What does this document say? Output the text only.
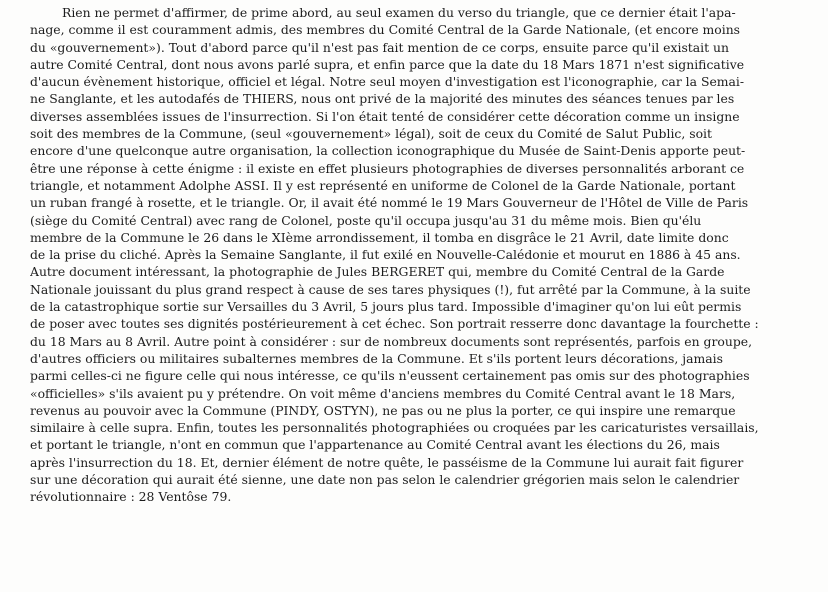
Rien ne permet d'affirmer, de prime abord, au seul examen du verso du triangle, que ce dernier était l'apa-
nage, comme il est couramment admis, des membres du Comité Central de la Garde Nationale, (et encore moins
du «gouvernement»). Tout d'abord parce qu'il n'est pas fait mention de ce corps, ensuite parce qu'il existait un
autre Comité Central, dont nous avons parlé supra, et enfin parce que la date du 18 Mars 1871 n'est significative
d'aucun évènement historique, officiel et légal. Notre seul moyen d'investigation est l'iconographie, car la Semai-
ne Sanglante, et les autodafés de THIERS, nous ont privé de la majorité des minutes des séances tenues par les
diverses assemblées issues de l'insurrection. Si l'on était tenté de considérer cette décoration comme un insigne
soit des membres de la Commune, (seul «gouvernement» légal), soit de ceux du Comité de Salut Public, soit
encore d'une quelconque autre organisation, la collection iconographique du Musée de Saint-Denis apporte peut-
être une réponse à cette énigme : il existe en effet plusieurs photographies de diverses personnalités arborant ce
triangle, et notamment Adolphe ASSI. Il y est représenté en uniforme de Colonel de la Garde Nationale, portant
un ruban frangé à rosette, et le triangle. Or, il avait été nommé le 19 Mars Gouverneur de l'Hôtel de Ville de Paris
(siège du Comité Central) avec rang de Colonel, poste qu'il occupa jusqu'au 31 du même mois. Bien qu'élu
membre de la Commune le 26 dans le XIème arrondissement, il tomba en disgrâce le 21 Avril, date limite donc
de la prise du cliché. Après la Semaine Sanglante, il fut exilé en Nouvelle-Calédonie et mourut en 1886 à 45 ans.
Autre document intéressant, la photographie de Jules BERGERET qui, membre du Comité Central de la Garde
Nationale jouissant du plus grand respect à cause de ses tares physiques (!), fut arrêté par la Commune, à la suite
de la catastrophique sortie sur Versailles du 3 Avril, 5 jours plus tard. Impossible d'imaginer qu'on lui eût permis
de poser avec toutes ses dignités postérieurement à cet échec. Son portrait resserre donc davantage la fourchette :
du 18 Mars au 8 Avril. Autre point à considérer : sur de nombreux documents sont représentés, parfois en groupe,
d'autres officiers ou militaires subalternes membres de la Commune. Et s'ils portent leurs décorations, jamais
parmi celles-ci ne figure celle qui nous intéresse, ce qu'ils n'eussent certainement pas omis sur des photographies
«officielles» s'ils avaient pu y prétendre. On voit même d'anciens membres du Comité Central avant le 18 Mars,
revenus au pouvoir avec la Commune (PINDY, OSTYN), ne pas ou ne plus la porter, ce qui inspire une remarque
similaire à celle supra. Enfin, toutes les personnalités photographiées ou croquées par les caricaturistes versaillais,
et portant le triangle, n'ont en commun que l'appartenance au Comité Central avant les élections du 26, mais
après l'insurrection du 18. Et, dernier élément de notre quête, le passéisme de la Commune lui aurait fait figurer
sur une décoration qui aurait été sienne, une date non pas selon le calendrier grégorien mais selon le calendrier
révolutionnaire : 28 Ventôse 79.
